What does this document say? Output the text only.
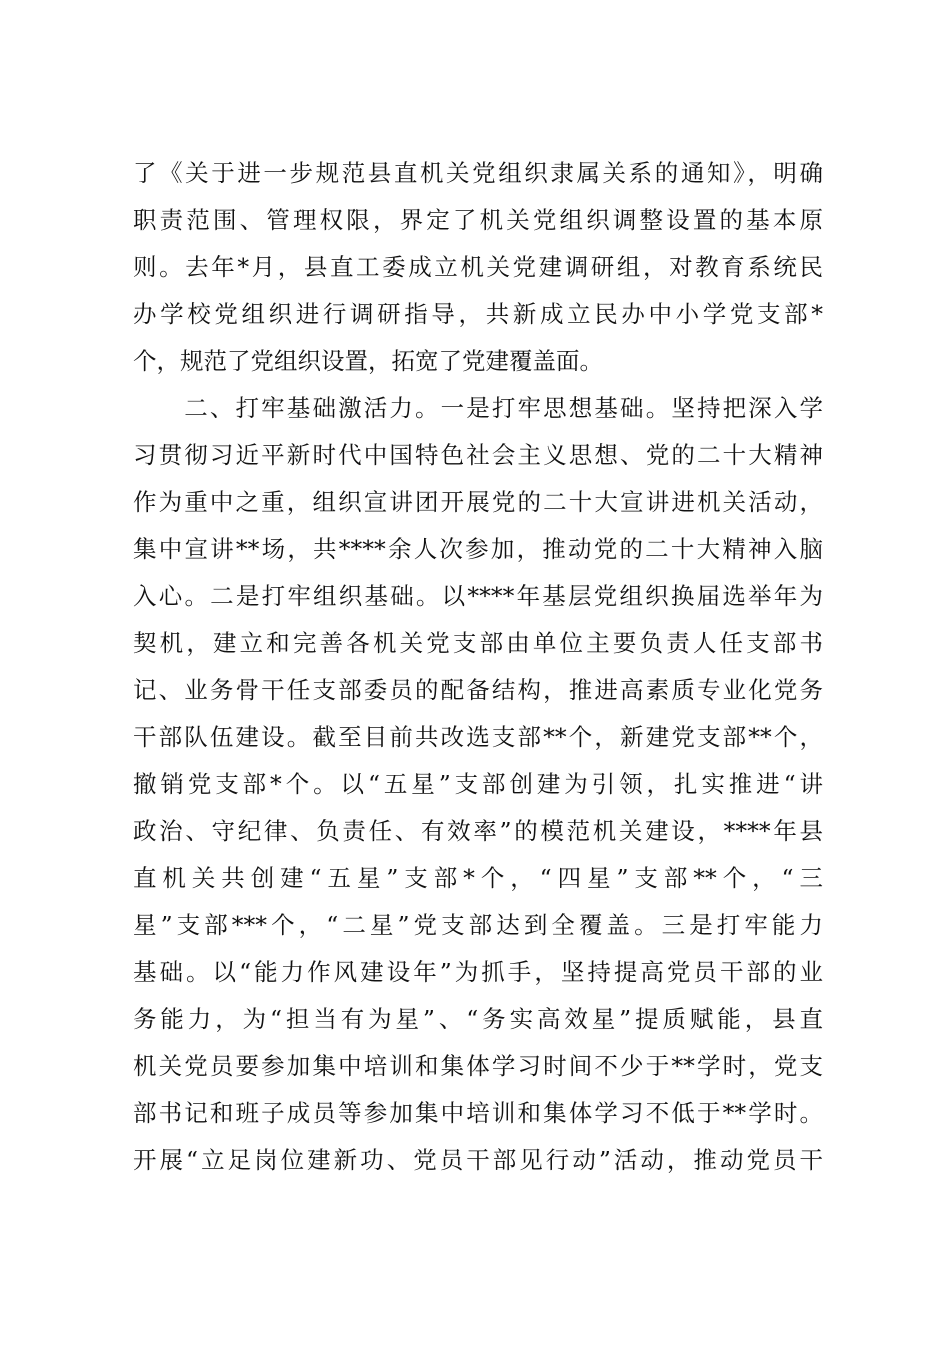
了《关于进一步规范县直机关党组织隶属关系的通知》，明确
职责范围、管理权限，界定了机关党组织调整设置的基本原
则。去年*月，县直工委成立机关党建调研组，对教育系统民
办学校党组织进行调研指导，共新成立民办中小学党支部*
个，规范了党组织设置，拓宽了党建覆盖面。
　　二、打牢基础激活力。一是打牢思想基础。坚持把深入学
习贯彻习近平新时代中国特色社会主义思想、党的二十大精神
作为重中之重，组织宣讲团开展党的二十大宣讲进机关活动，
集中宣讲**场，共****余人次参加，推动党的二十大精神入脑
入心。二是打牢组织基础。以****年基层党组织换届选举年为
契机，建立和完善各机关党支部由单位主要负责人任支部书
记、业务骨干任支部委员的配备结构，推进高素质专业化党务
干部队伍建设。截至目前共改选支部**个，新建党支部**个，
撤销党支部*个。以“五星”支部创建为引领，扎实推进“讲
政治、守纪律、负责任、有效率”的模范机关建设，****年县
直机关共创建“五星”支部*个，“四星”支部**个，“三
星”支部***个，“二星”党支部达到全覆盖。三是打牢能力
基础。以“能力作风建设年”为抓手，坚持提高党员干部的业
务能力，为“担当有为星”、“务实高效星”提质赋能，县直
机关党员要参加集中培训和集体学习时间不少于**学时，党支
部书记和班子成员等参加集中培训和集体学习不低于**学时。
开展“立足岗位建新功、党员干部见行动”活动，推动党员干
